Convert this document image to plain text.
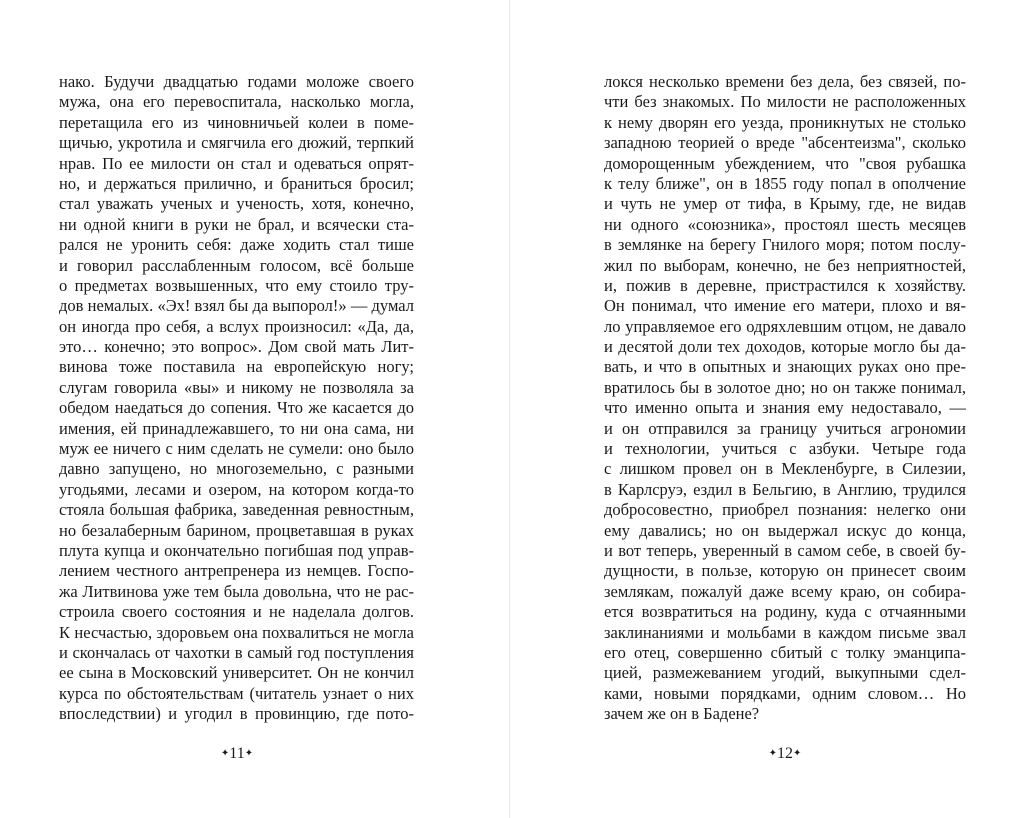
нако. Будучи двадцатью годами моложе своего
мужа, она его перевоспитала, насколько могла,
перетащила его из чиновничьей колеи в поме-
щичью, укротила и смягчила его дюжий, терпкий
нрав. По ее милости он стал и одеваться опрят-
но, и держаться прилично, и браниться бросил;
стал уважать ученых и ученость, хотя, конечно,
ни одной книги в руки не брал, и всячески ста-
рался не уронить себя: даже ходить стал тише
и говорил расслабленным голосом, всё больше
о предметах возвышенных, что ему стоило тру-
дов немалых. «Эх! взял бы да выпорол!» — думал
он иногда про себя, а вслух произносил: «Да, да,
это… конечно; это вопрос». Дом свой мать Лит-
винова тоже поставила на европейскую ногу;
слугам говорила «вы» и никому не позволяла за
обедом наедаться до сопения. Что же касается до
имения, ей принадлежавшего, то ни она сама, ни
муж ее ничего с ним сделать не сумели: оно было
давно запущено, но многоземельно, с разными
угодьями, лесами и озером, на котором когда-то
стояла большая фабрика, заведенная ревностным,
но безалаберным барином, процветавшая в руках
плута купца и окончательно погибшая под управ-
лением честного антрепренера из немцев. Госпо-
жа Литвинова уже тем была довольна, что не рас-
строила своего состояния и не наделала долгов.
К несчастью, здоровьем она похвалиться не могла
и скончалась от чахотки в самый год поступления
ее сына в Московский университет. Он не кончил
курса по обстоятельствам (читатель узнает о них
впоследствии) и угодил в провинцию, где пото-
✦11✦
локся несколько времени без дела, без связей, по-
чти без знакомых. По милости не расположенных
к нему дворян его уезда, проникнутых не столько
западною теорией о вреде "абсентеизма", сколько
доморощенным убеждением, что "своя рубашка
к телу ближе", он в 1855 году попал в ополчение
и чуть не умер от тифа, в Крыму, где, не видав
ни одного «союзника», простоял шесть месяцев
в землянке на берегу Гнилого моря; потом послу-
жил по выборам, конечно, не без неприятностей,
и, пожив в деревне, пристрастился к хозяйству.
Он понимал, что имение его матери, плохо и вя-
ло управляемое его одряхлевшим отцом, не давало
и десятой доли тех доходов, которые могло бы да-
вать, и что в опытных и знающих руках оно пре-
вратилось бы в золотое дно; но он также понимал,
что именно опыта и знания ему недоставало, —
и он отправился за границу учиться агрономии
и технологии, учиться с азбуки. Четыре года
с лишком провел он в Мекленбурге, в Силезии,
в Карлсруэ, ездил в Бельгию, в Англию, трудился
добросовестно, приобрел познания: нелегко они
ему давались; но он выдержал искус до конца,
и вот теперь, уверенный в самом себе, в своей бу-
дущности, в пользе, которую он принесет своим
землякам, пожалуй даже всему краю, он собира-
ется возвратиться на родину, куда с отчаянными
заклинаниями и мольбами в каждом письме звал
его отец, совершенно сбитый с толку эманципа-
цией, размежеванием угодий, выкупными сдел-
ками, новыми порядками, одним словом… Но
зачем же он в Бадене?
✦12✦
